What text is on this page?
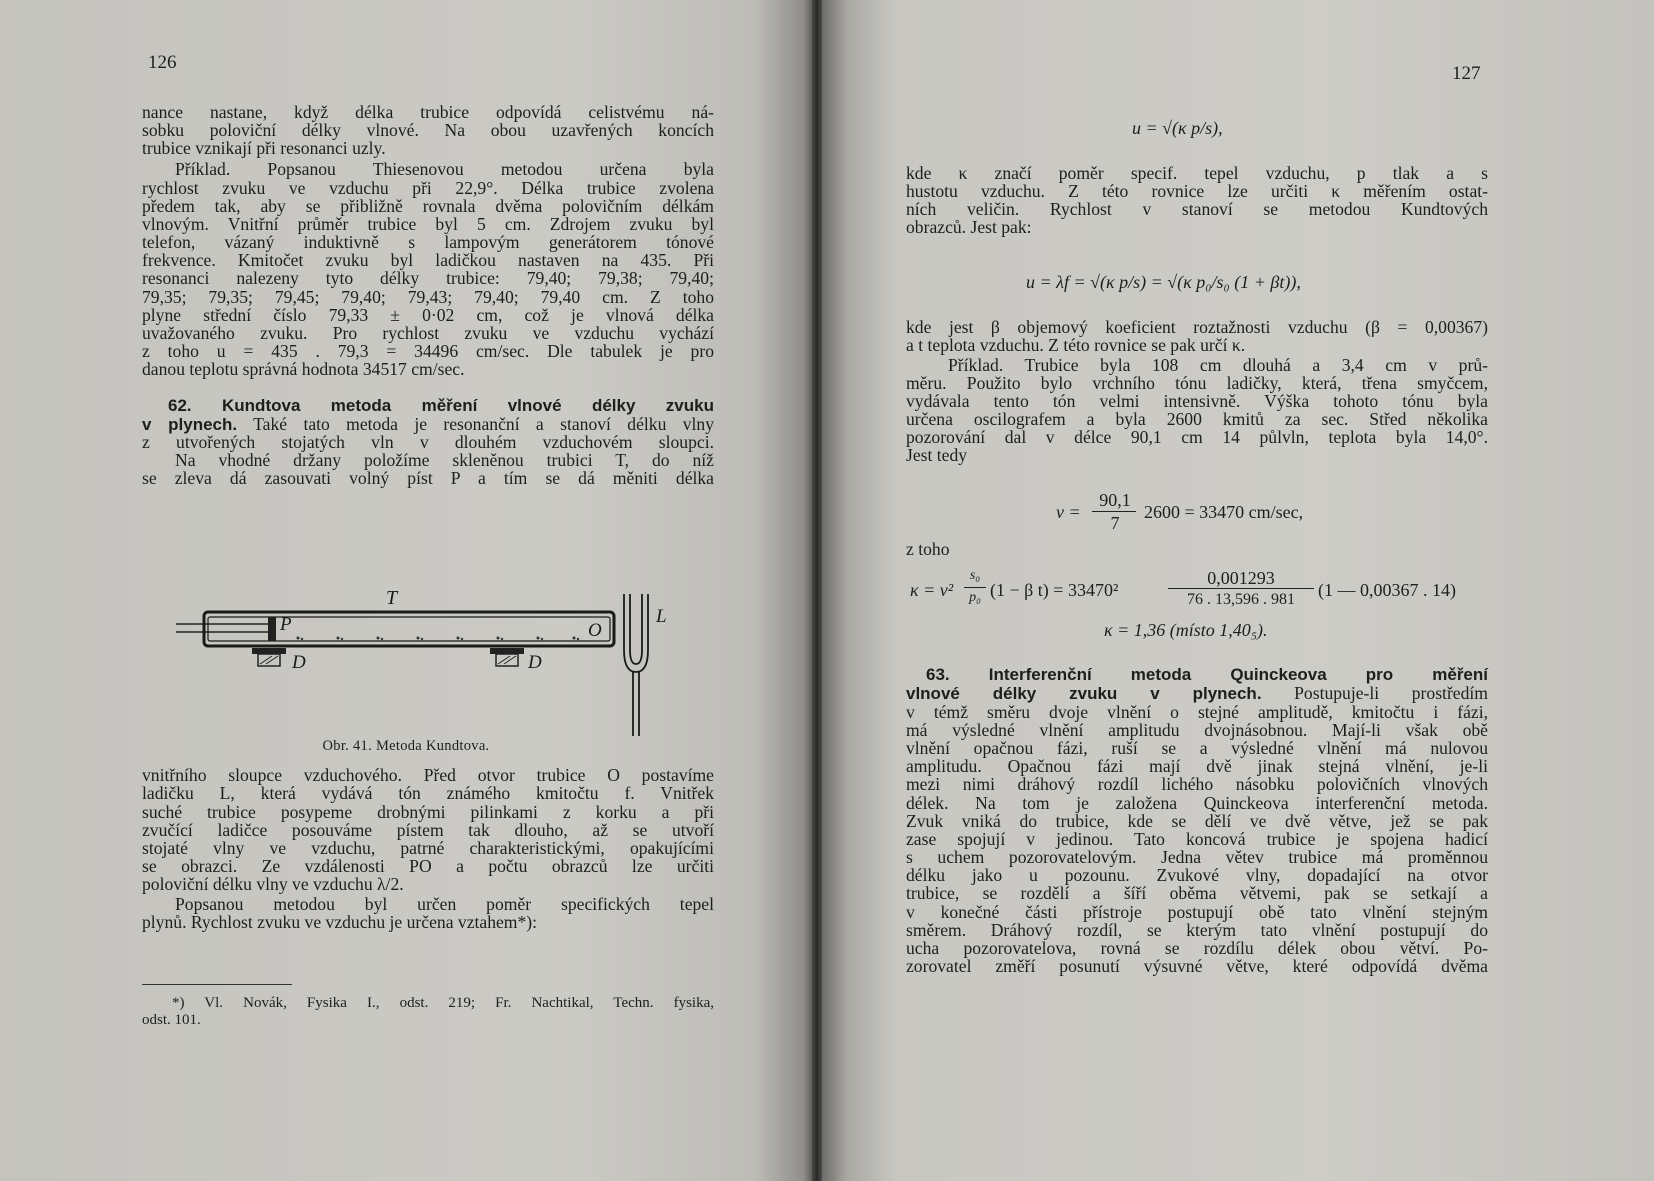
126
nance nastane, když délka trubice odpovídá celistvému ná-
sobku poloviční délky vlnové. Na obou uzavřených koncích
trubice vznikají při resonanci uzly.
Příklad. Popsanou Thiesenovou metodou určena byla
rychlost zvuku ve vzduchu při 22,9°. Délka trubice zvolena
předem tak, aby se přibližně rovnala dvěma polovičním délkám
vlnovým. Vnitřní průměr trubice byl 5 cm. Zdrojem zvuku byl
telefon, vázaný induktivně s lampovým generátorem tónové
frekvence. Kmitočet zvuku byl ladičkou nastaven na 435. Při
resonanci nalezeny tyto délky trubice: 79,40; 79,38; 79,40;
79,35; 79,35; 79,45; 79,40; 79,43; 79,40; 79,40 cm. Z toho
plyne střední číslo 79,33 ± 0·02 cm, což je vlnová délka
uvažovaného zvuku. Pro rychlost zvuku ve vzduchu vychází
z toho u = 435 . 79,3 = 34496 cm/sec. Dle tabulek je pro
danou teplotu správná hodnota 34517 cm/sec.
62. Kundtova metoda měření vlnové délky zvuku
v plynech. Také tato metoda je resonanční a stanoví délku vlny
z utvořených stojatých vln v dlouhém vzduchovém sloupci.
Na vhodné držany položíme skleněnou trubici T, do níž
se zleva dá zasouvati volný píst P a tím se dá měniti délka
vnitřního sloupce vzduchového. Před otvor trubice O postavíme
ladičku L, která vydává tón známého kmitočtu f. Vnitřek
suché trubice posypeme drobnými pilinkami z korku a při
zvučící ladičce posouváme pístem tak dlouho, až se utvoří
stojaté vlny ve vzduchu, patrné charakteristickými, opakujícími
se obrazci. Ze vzdálenosti PO a počtu obrazců lze určiti
poloviční délku vlny ve vzduchu λ/2.
Popsanou metodou byl určen poměr specifických tepel
plynů. Rychlost zvuku ve vzduchu je určena vztahem*):
*) Vl. Novák, Fysika I., odst. 219; Fr. Nachtikal, Techn. fysika,
odst. 101.
T
P	O
L
D	D
Obr. 41. Metoda Kundtova.
127
u = √(κ p/s),
kde κ značí poměr specif. tepel vzduchu, p tlak a s
hustotu vzduchu. Z této rovnice lze určiti κ měřením ostat-
ních veličin. Rychlost v stanoví se metodou Kundtových
obrazců. Jest pak:
u = λf = √(κ p/s) = √(κ p₀/s₀ (1 + βt)),
kde jest β objemový koeficient roztažnosti vzduchu (β = 0,00367)
a t teplota vzduchu. Z této rovnice se pak určí κ.
Příklad. Trubice byla 108 cm dlouhá a 3,4 cm v prů-
měru. Použito bylo vrchního tónu ladičky, která, třena smyčcem,
vydávala tento tón velmi intensivně. Výška tohoto tónu byla
určena oscilografem a byla 2600 kmitů za sec. Střed několika
pozorování dal v délce 90,1 cm 14 půlvln, teplota byla 14,0°.
Jest tedy
v =
90,1
7
2600 = 33470 cm/sec,
z toho
κ = v²
s₀
p₀ (1 − β t) = 33470²
0,001293
76 . 13,596 . 981	(1 — 0,00367 . 14)
κ = 1,36 (místo 1,40₅).
63. Interferenční metoda Quinckeova pro měření
vlnové délky zvuku v plynech. Postupuje-li prostředím
v témž směru dvoje vlnění o stejné amplitudě, kmitočtu i fázi,
má výsledné vlnění amplitudu dvojnásobnou. Mají-li však obě
vlnění opačnou fázi, ruší se a výsledné vlnění má nulovou
amplitudu. Opačnou fázi mají dvě jinak stejná vlnění, je-li
mezi nimi dráhový rozdíl lichého násobku polovičních vlnových
délek. Na tom je založena Quinckeova interferenční metoda.
Zvuk vniká do trubice, kde se dělí ve dvě větve, jež se pak
zase spojují v jedinou. Tato koncová trubice je spojena hadicí
s uchem pozorovatelovým. Jedna větev trubice má proměnnou
délku jako u pozounu. Zvukové vlny, dopadající na otvor
trubice, se rozdělí a šíří oběma větvemi, pak se setkají a
v konečné části přístroje postupují obě tato vlnění stejným
směrem. Dráhový rozdíl, se kterým tato vlnění postupují do
ucha pozorovatelova, rovná se rozdílu délek obou větví. Po-
zorovatel změří posunutí výsuvné větve, které odpovídá dvěma
